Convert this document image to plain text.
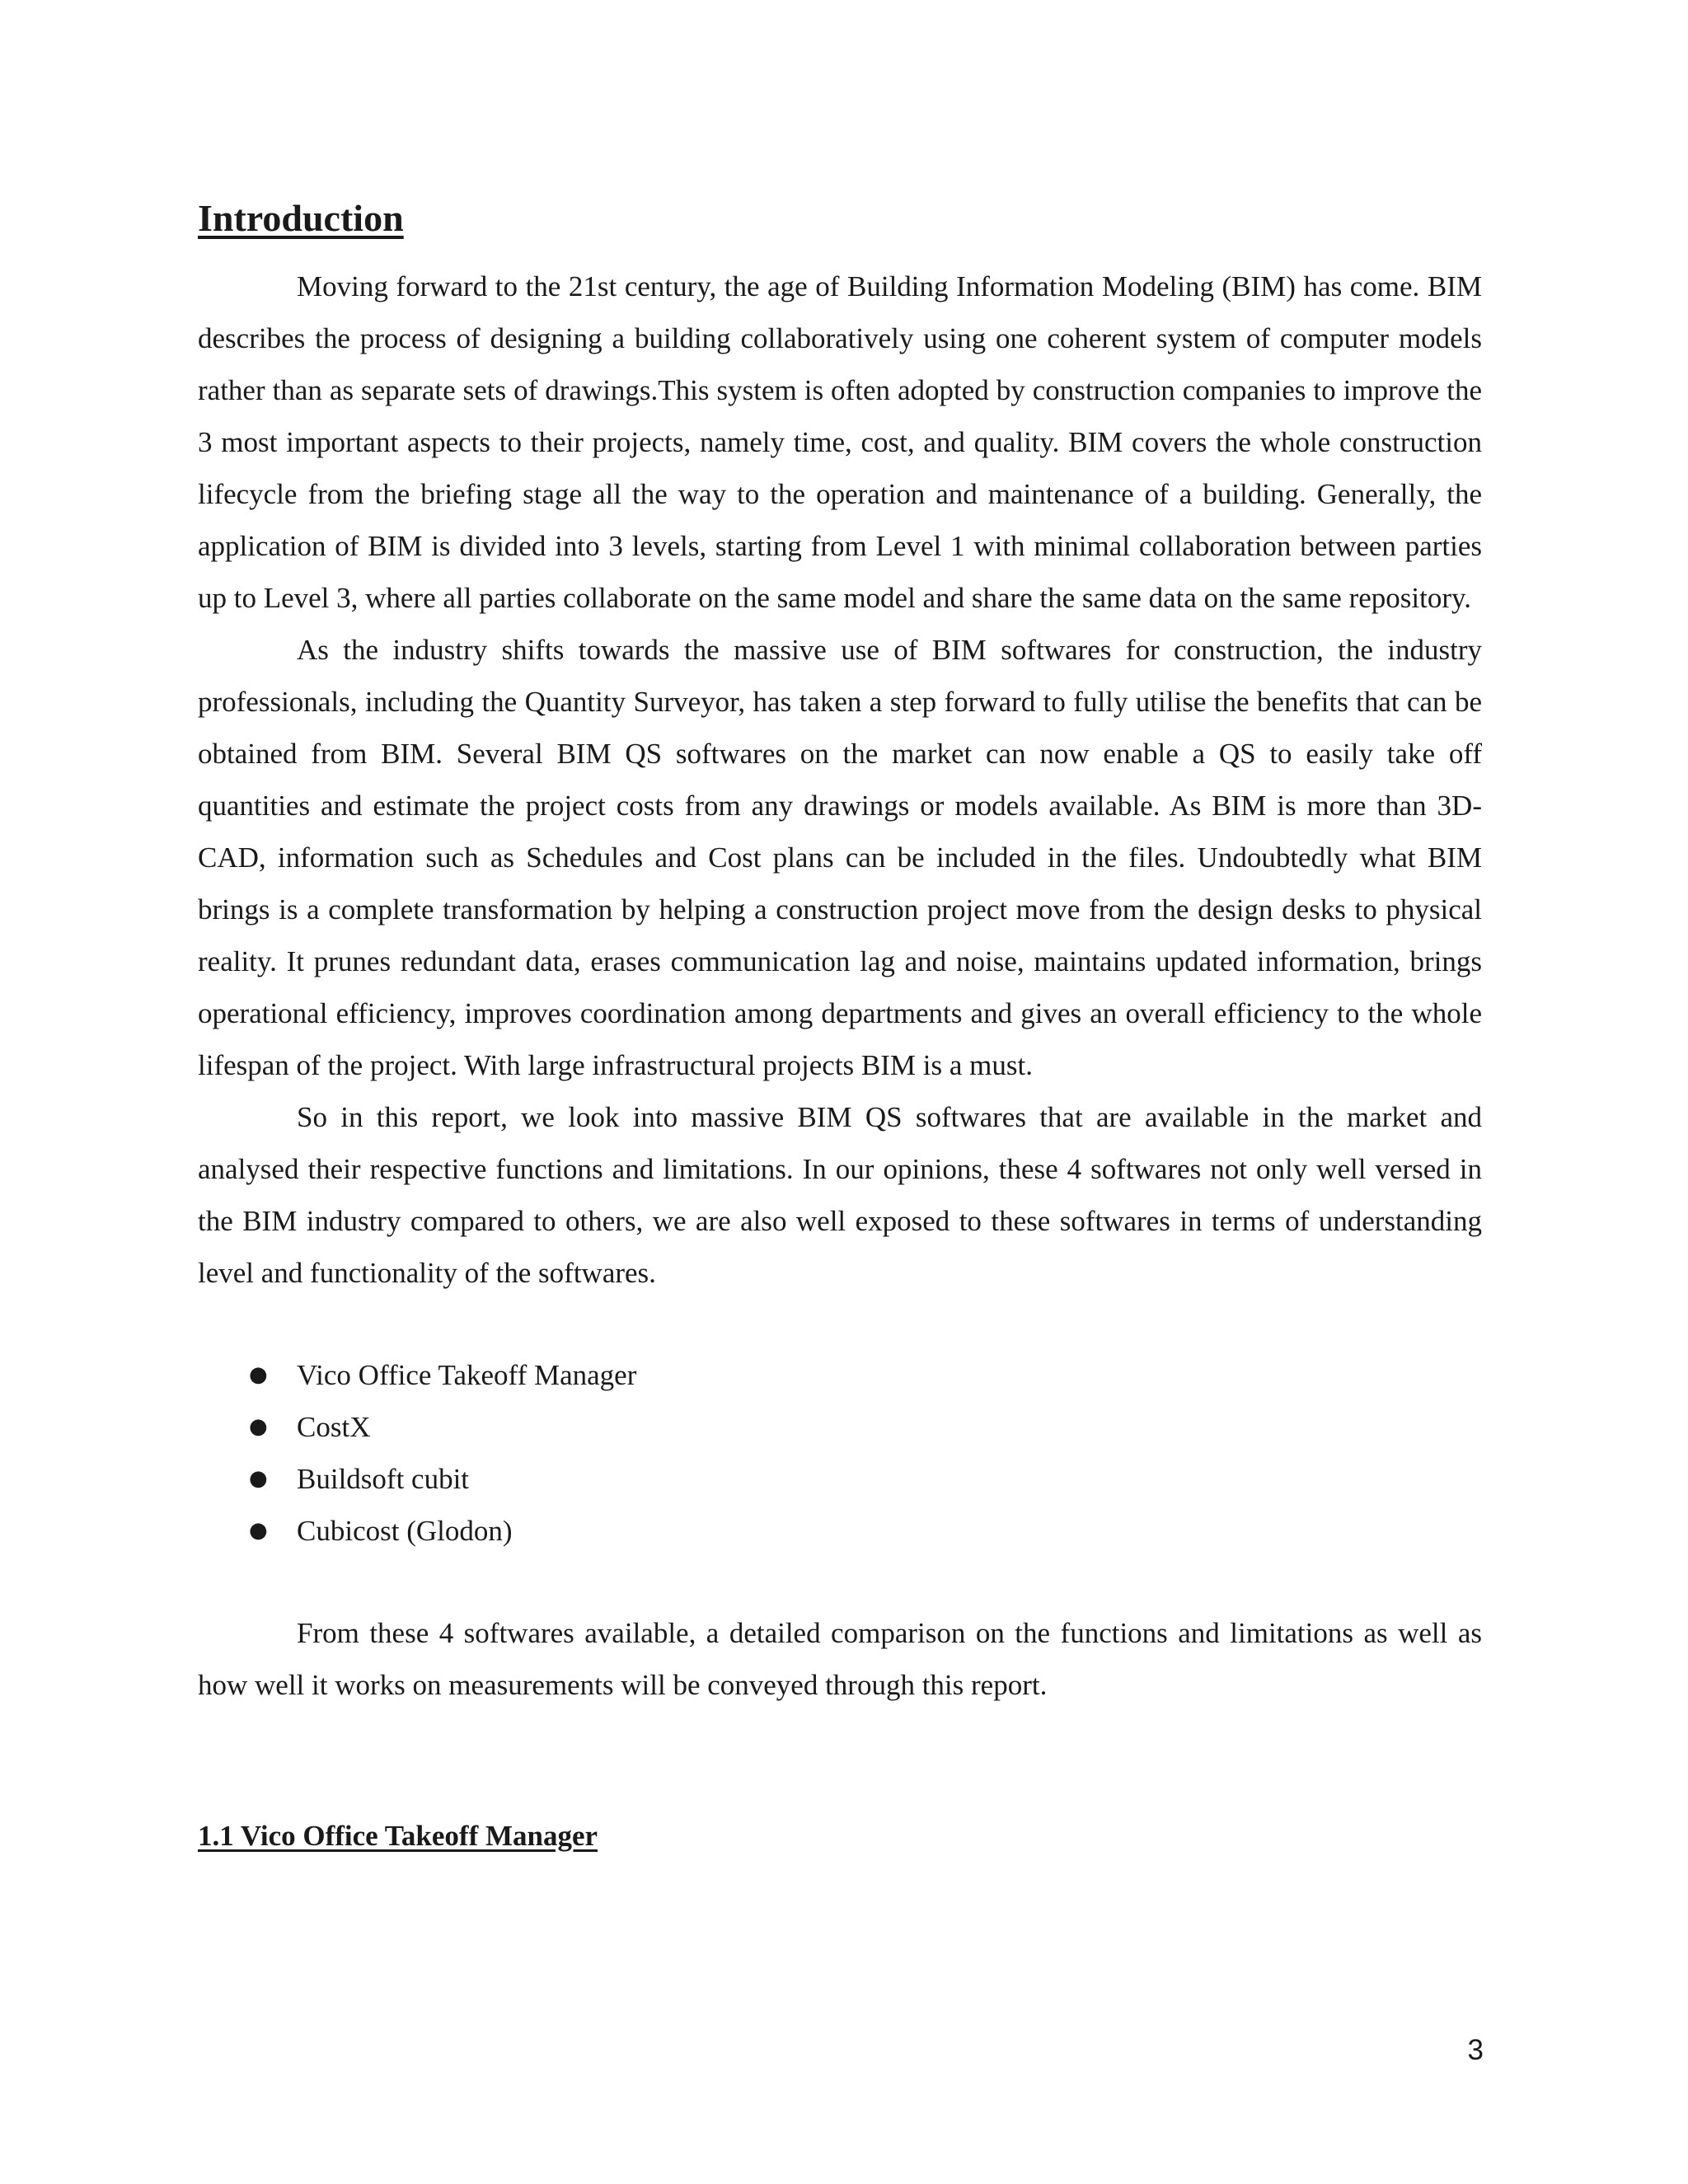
Introduction

Moving forward to the 21st century, the age of Building Information Modeling (BIM) has come. BIM describes the process of designing a building collaboratively using one coherent system of computer models rather than as separate sets of drawings.This system is often adopted by construction companies to improve the 3 most important aspects to their projects, namely time, cost, and quality. BIM covers the whole construction lifecycle from the briefing stage all the way to the operation and maintenance of a building. Generally, the application of BIM is divided into 3 levels, starting from Level 1 with minimal collaboration between parties up to Level 3, where all parties collaborate on the same model and share the same data on the same repository.

As the industry shifts towards the massive use of BIM softwares for construction, the industry professionals, including the Quantity Surveyor, has taken a step forward to fully utilise the benefits that can be obtained from BIM. Several BIM QS softwares on the market can now enable a QS to easily take off quantities and estimate the project costs from any drawings or models available. As BIM is more than 3D-CAD, information such as Schedules and Cost plans can be included in the files. Undoubtedly what BIM brings is a complete transformation by helping a construction project move from the design desks to physical reality. It prunes redundant data, erases communication lag and noise, maintains updated information, brings operational efficiency, improves coordination among departments and gives an overall efficiency to the whole lifespan of the project. With large infrastructural projects BIM is a must.

So in this report, we look into massive BIM QS softwares that are available in the market and analysed their respective functions and limitations. In our opinions, these 4 softwares not only well versed in the BIM industry compared to others, we are also well exposed to these softwares in terms of understanding level and functionality of the softwares.

● Vico Office Takeoff Manager
● CostX
● Buildsoft cubit
● Cubicost (Glodon)

From these 4 softwares available, a detailed comparison on the functions and limitations as well as how well it works on measurements will be conveyed through this report.

1.1 Vico Office Takeoff Manager
3
